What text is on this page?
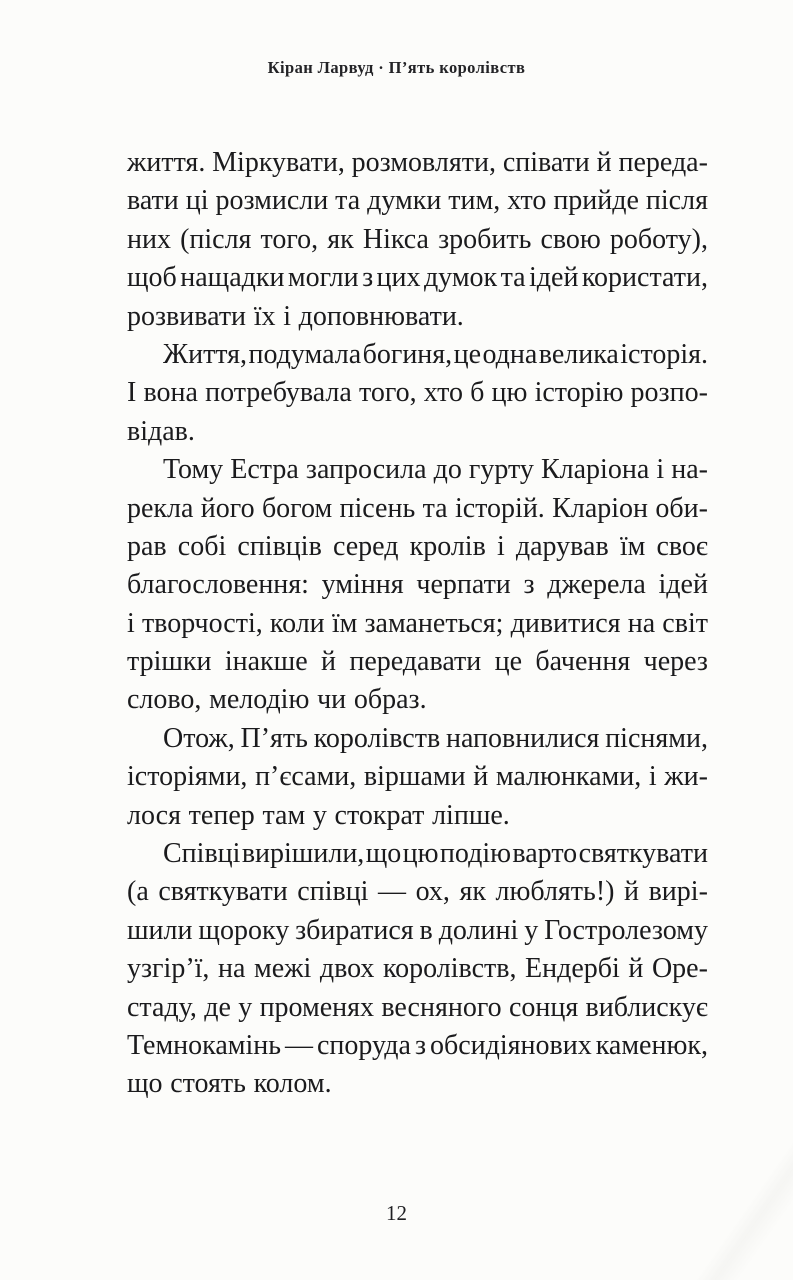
Кіран Ларвуд · П’ять королівств
життя. Міркувати, розмовляти, співати й переда-
вати ці розмисли та думки тим, хто прийде після
них (після того, як Нікса зробить свою роботу),
щоб нащадки могли з цих думок та ідей користати,
розвивати їх і доповнювати.
Життя, подумала богиня, це одна велика історія.
І вона потребувала того, хто б цю історію розпо-
відав.
Тому Естра запросила до гурту Кларіона і на-
рекла його богом пісень та історій. Кларіон оби-
рав собі співців серед кролів і дарував їм своє
благословення: уміння черпати з джерела ідей
і творчості, коли їм заманеться; дивитися на світ
трішки інакше й передавати це бачення через
слово, мелодію чи образ.
Отож, П’ять королівств наповнилися піснями,
історіями, п’єсами, віршами й малюнками, і жи-
лося тепер там у стократ ліпше.
Співці вирішили, що цю подію варто святкувати
(а святкувати співці — ох, як люблять!) й вирі-
шили щороку збиратися в долині у Гостролезому
узгір’ї, на межі двох королівств, Ендербі й Оре-
стаду, де у променях весняного сонця виблискує
Темнокамінь — споруда з обсидіянових каменюк,
що стоять колом.
12
